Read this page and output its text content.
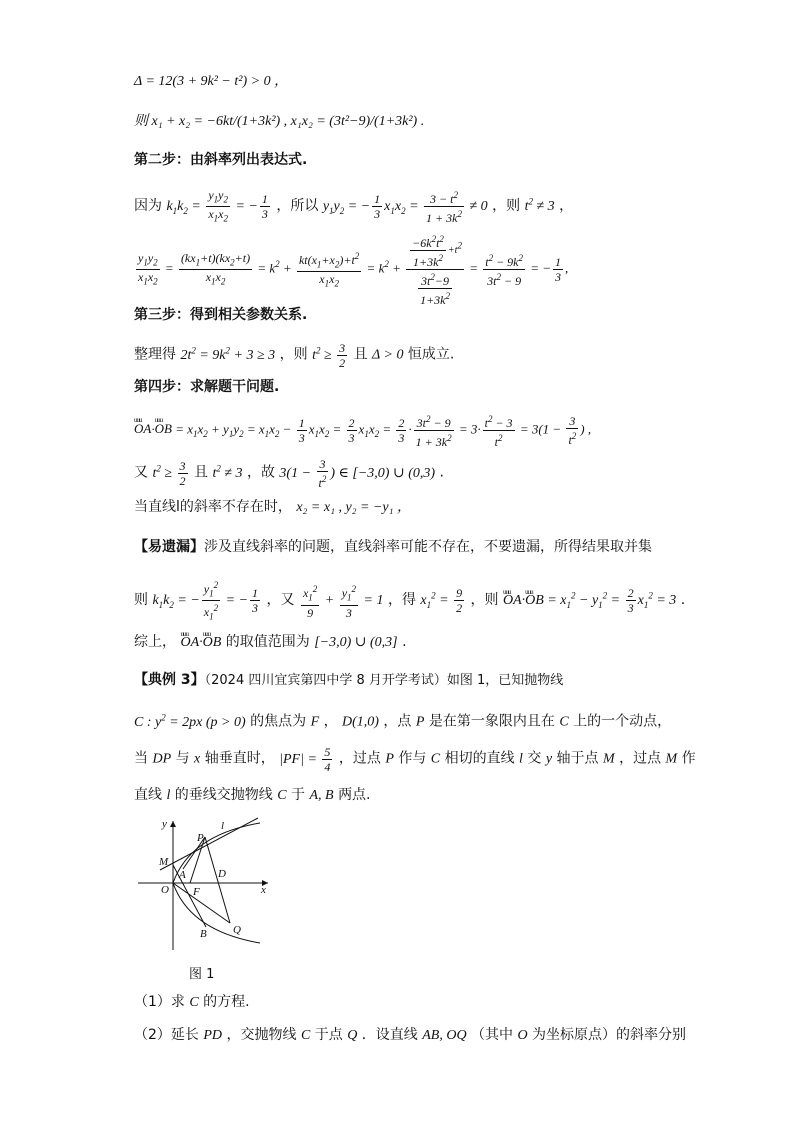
Δ = 12(3 + 9k² − t²) > 0 ，
则 x₁ + x₂ = −6kt/(1+3k²) , x₁x₂ = (3t²−9)/(1+3k²) .
第二步：由斜率列出表达式.
因为 $k_1k_2 = \frac{y_1y_2}{x_1x_2}$ = − $\frac{1}{3}$ ，所以 $y_1y_2$ = − $\frac{1}{3} x_1x_2 = \frac{3 - t^2}{1 + 3k^2} \ne 0$ ，则 $t^2 \ne 3$ ，
$\frac{y_1y_2}{x_1x_2} = \frac{(kx_1+t)(kx_2+t)}{x_1x_2} = k^2 + \frac{kt(x_1+x_2)+t^2}{x_1x_2} = k^2 + \frac{\frac{-6k^2t^2}{1+3k^2} +t^2}{\frac{3t^2-9}{1+3k^2}} = \frac{t^2 - 9k^2}{3t^2 - 9}$ = − $\frac{1}{3}$ ,
第三步：得到相关参数关系.
整理得 $2t^2 = 9k^2 + 3 \ge 3$ ，则 $t^2 \ge \frac{3}{2}$ 且 Δ > 0 恒成立.
第四步：求解题干问题.
uuu OA·uuu OB = $x_1x_2 + y_1y_2 = x_1x_2 - \frac{1}{3} x_1x_2 = \frac{2}{3} x_1x_2 = \frac{2}{3} \cdot \frac{3t^2 - 9}{1 + 3k^2} = 3\cdot \frac{t^2 - 3}{t^2} = 3(1 - \frac{3}{t^2}$ ) ,
又 $t^2 \ge \frac{3}{2}$ 且 $t^2 \ne 3$ ，故 $3(1 - \frac{3}{t^2}$ ) ∈ [−3,0) ∪ (0,3) .
当直线l的斜率不存在时， x₂ = x₁ , y₂ = −y₁ ，
【易遗漏】涉及直线斜率的问题，直线斜率可能不存在，不要遗漏，所得结果取并集
则 $k_1k_2$ = − $\frac{y_1^2}{x_1^2}$ = − $\frac{1}{3}$ ，又 $\frac{x_1^2}{9} + \frac{y_1^2}{3} = 1$ ，得 $x_1^2 = \frac{9}{2}$ ，则 uuu OA·uuu OB = $x_1^2 - y_1^2 = \frac{2}{3} x_1^2 = 3$ .
综上， uuu OA·uuu OB 的取值范围为 [−3,0) ∪ (0,3] .
【典例 3】（2024 四川宜宾第四中学 8 月开学考试）如图 1，已知抛物线
C : $y^2 = 2px$ (p > 0) 的焦点为 F ， D(1,0) ，点 P 是在第一象限内且在 C 上的一个动点，
当 DP 与 x 轴垂直时， $|PF| = \frac{5}{4}$ ，过点 P 作与 C 相切的直线 l 交 y 轴于点 M ，过点 M 作
直线 l 的垂线交抛物线 C 于 A, B 两点.
y
x
O
M
A
P
l
F
D
B Q
图 1
（1）求 C 的方程.
（2）延长 PD ，交抛物线 C 于点 Q ．设直线 AB, OQ （其中 O 为坐标原点）的斜率分别
